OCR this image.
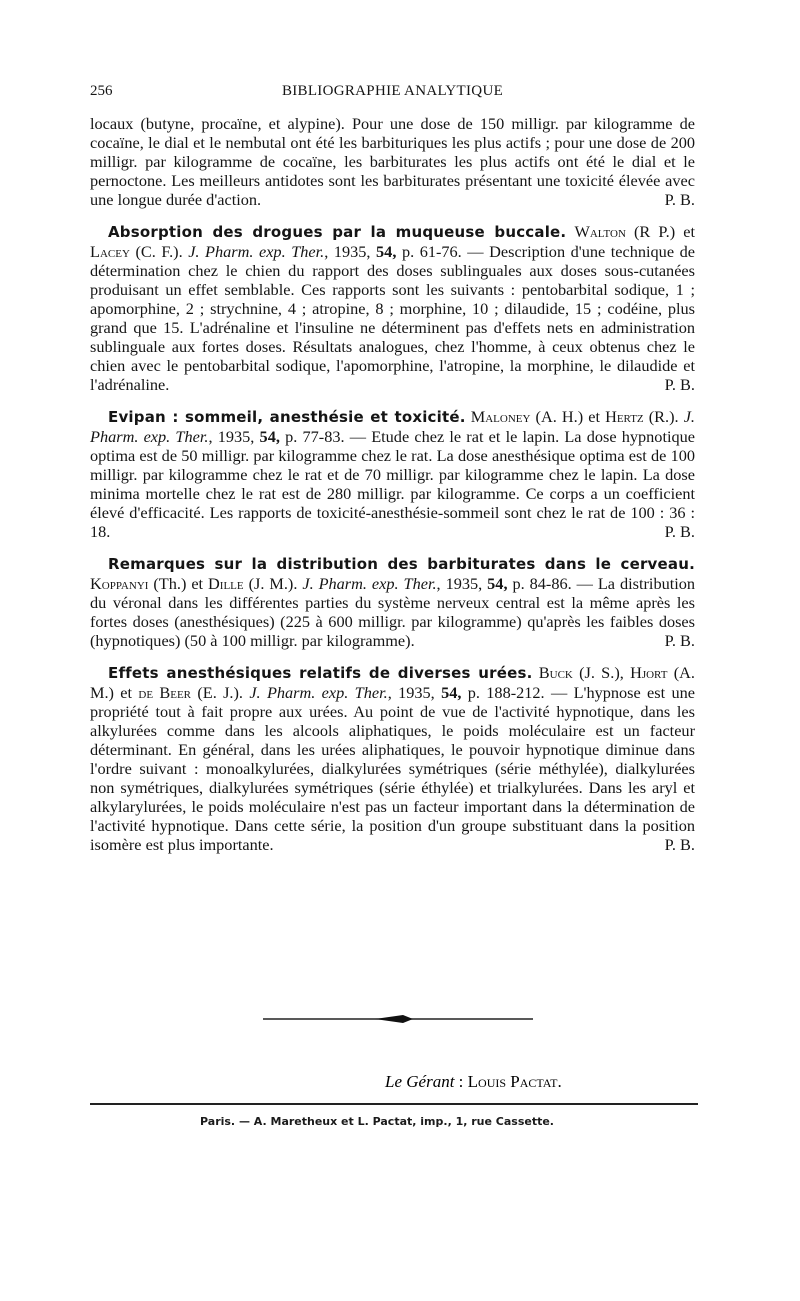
256	BIBLIOGRAPHIE ANALYTIQUE

locaux (butyne, procaïne, et alypine). Pour une dose de 150 milligr. par kilogramme de cocaïne, le dial et le nembutal ont été les barbituriques les plus actifs ; pour une dose de 200 milligr. par kilogramme de cocaïne, les barbiturates les plus actifs ont été le dial et le pernoctone. Les meilleurs antidotes sont les barbiturates présentant une toxicité élevée avec une longue durée d'action.	P. B.

Absorption des drogues par la muqueuse buccale. Walton (R P.) et Lacey (C. F.). J. Pharm. exp. Ther., 1935, 54, p. 61-76. — Description d'une technique de détermination chez le chien du rapport des doses sublinguales aux doses sous-cutanées produisant un effet semblable. Ces rapports sont les suivants : pentobarbital sodique, 1 ; apomorphine, 2 ; strychnine, 4 ; atropine, 8 ; morphine, 10 ; dilaudide, 15 ; codéine, plus grand que 15. L'adrénaline et l'insuline ne déterminent pas d'effets nets en administration sublinguale aux fortes doses. Résultats analogues, chez l'homme, à ceux obtenus chez le chien avec le pentobarbital sodique, l'apomorphine, l'atropine, la morphine, le dilaudide et l'adrénaline.	P. B.

Evipan : sommeil, anesthésie et toxicité. Maloney (A. H.) et Hertz (R.). J. Pharm. exp. Ther., 1935, 54, p. 77-83. — Etude chez le rat et le lapin. La dose hypnotique optima est de 50 milligr. par kilogramme chez le rat. La dose anesthésique optima est de 100 milligr. par kilogramme chez le rat et de 70 milligr. par kilogramme chez le lapin. La dose minima mortelle chez le rat est de 280 milligr. par kilogramme. Ce corps a un coefficient élevé d'efficacité. Les rapports de toxicité-anesthésie-sommeil sont chez le rat de 100 : 36 : 18.	P. B.

Remarques sur la distribution des barbiturates dans le cerveau. Koppanyi (Th.) et Dille (J. M.). J. Pharm. exp. Ther., 1935, 54, p. 84-86. — La distribution du véronal dans les différentes parties du système nerveux central est la même après les fortes doses (anesthésiques) (225 à 600 milligr. par kilogramme) qu'après les faibles doses (hypnotiques) (50 à 100 milligr. par kilogramme).	P. B.

Effets anesthésiques relatifs de diverses urées. Buck (J. S.), Hjort (A. M.) et de Beer (E. J.). J. Pharm. exp. Ther., 1935, 54, p. 188-212. — L'hypnose est une propriété tout à fait propre aux urées. Au point de vue de l'activité hypnotique, dans les alkylurées comme dans les alcools aliphatiques, le poids moléculaire est un facteur déterminant. En général, dans les urées aliphatiques, le pouvoir hypnotique diminue dans l'ordre suivant : monoalkylurées, dialkylurées symétriques (série méthylée), dialkylurées non symétriques, dialkylurées symétriques (série éthylée) et trialkylurées. Dans les aryl et alkylarylurées, le poids moléculaire n'est pas un facteur important dans la détermination de l'activité hypnotique. Dans cette série, la position d'un groupe substituant dans la position isomère est plus importante.	P. B.

Le Gérant : Louis Pactat.
Paris. — A. Maretheux et L. Pactat, imp., 1, rue Cassette.
